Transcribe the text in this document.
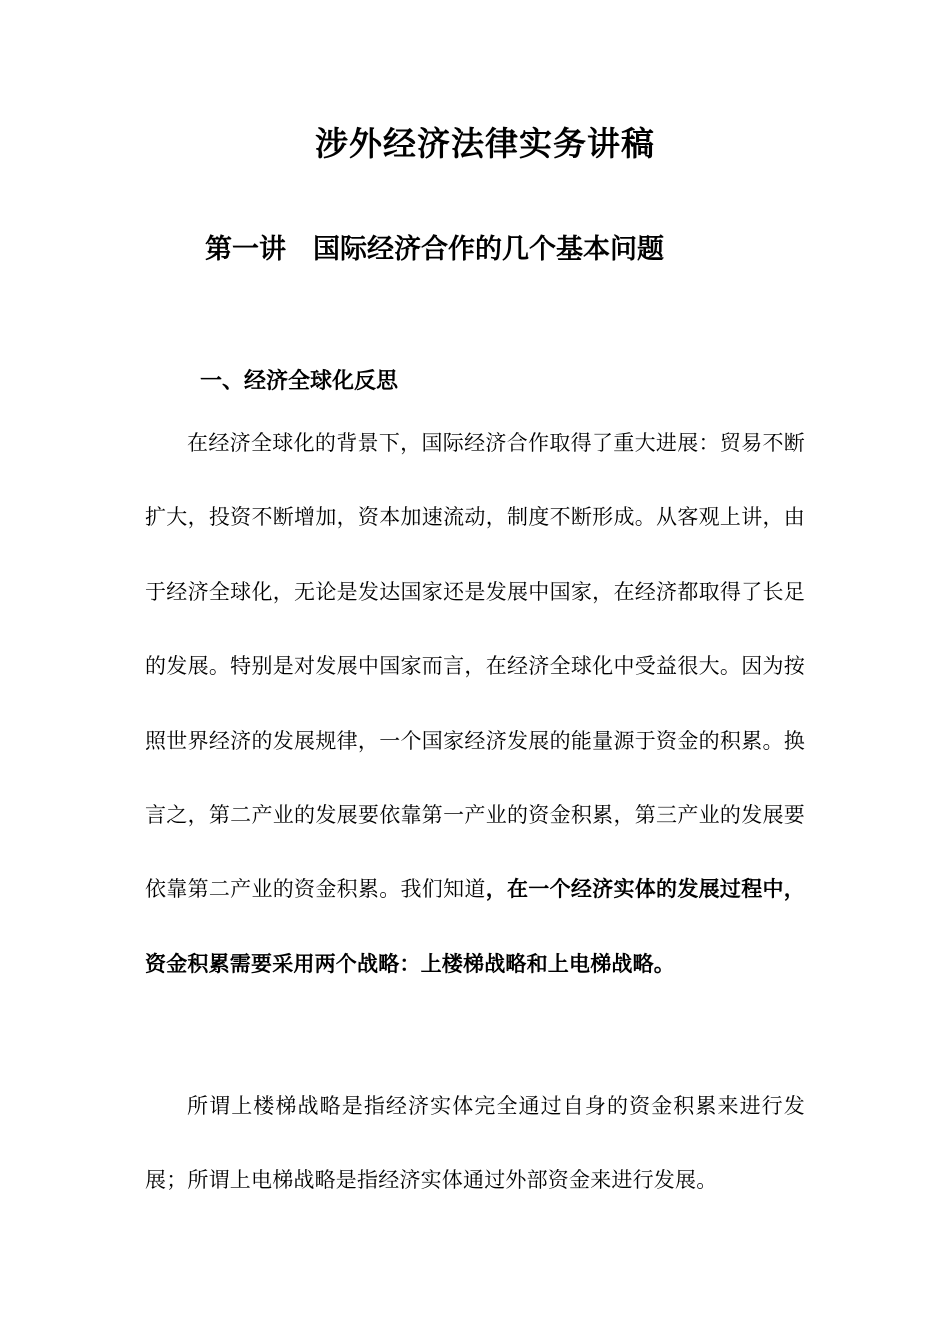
涉外经济法律实务讲稿
第一讲　国际经济合作的几个基本问题
一、经济全球化反思

在经济全球化的背景下，国际经济合作取得了重大进展：贸易不断扩大，投资不断增加，资本加速流动，制度不断形成。从客观上讲，由于经济全球化，无论是发达国家还是发展中国家，在经济都取得了长足的发展。特别是对发展中国家而言，在经济全球化中受益很大。因为按照世界经济的发展规律，一个国家经济发展的能量源于资金的积累。换言之，第二产业的发展要依靠第一产业的资金积累，第三产业的发展要依靠第二产业的资金积累。我们知道，在一个经济实体的发展过程中，资金积累需要采用两个战略：上楼梯战略和上电梯战略。

所谓上楼梯战略是指经济实体完全通过自身的资金积累来进行发展；所谓上电梯战略是指经济实体通过外部资金来进行发展。
